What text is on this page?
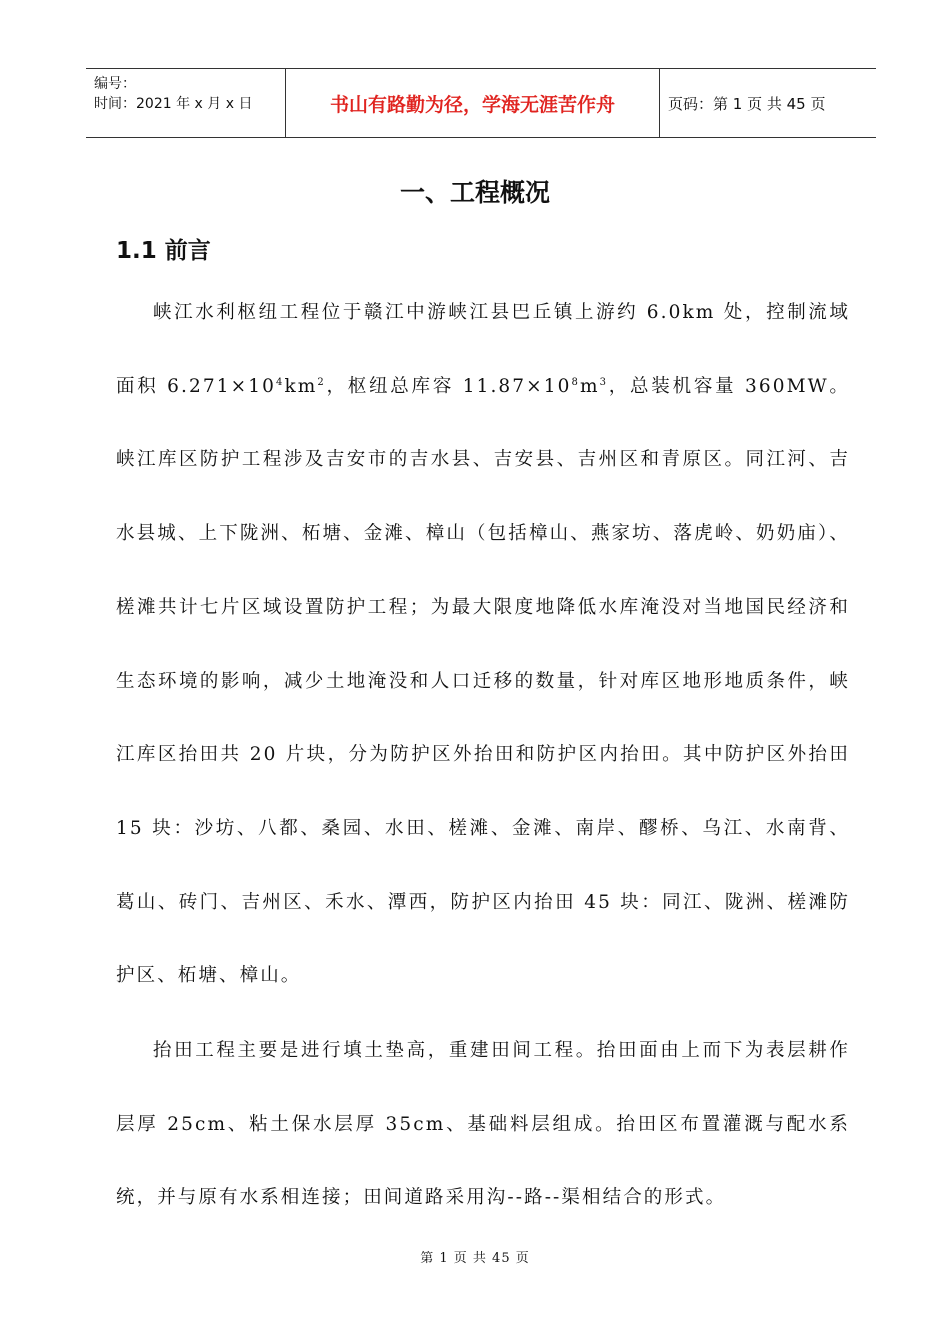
编号：
时间：2021 年 x 月 x 日	书山有路勤为径，学海无涯苦作舟	页码：第 1 页 共 45 页
一、工程概况
1.1 前言

峡江水利枢纽工程位于赣江中游峡江县巴丘镇上游约 6.0km 处，控制流域面积 $6.271\times 10^4km^2$，枢纽总库容 $11.87\times 10^8m^3$，总装机容量 360MW。峡江库区防护工程涉及吉安市的吉水县、吉安县、吉州区和青原区。同江河、吉水县城、上下陇洲、柘塘、金滩、樟山（包括樟山、燕家坊、落虎岭、奶奶庙）、槎滩共计七片区域设置防护工程；为最大限度地降低水库淹没对当地国民经济和生态环境的影响，减少土地淹没和人口迁移的数量，针对库区地形地质条件，峡江库区抬田共 20 片块，分为防护区外抬田和防护区内抬田。其中防护区外抬田 15 块：沙坊、八都、桑园、水田、槎滩、金滩、南岸、醪桥、乌江、水南背、葛山、砖门、吉州区、禾水、潭西，防护区内抬田 45 块：同江、陇洲、槎滩防护区、柘塘、樟山。

抬田工程主要是进行填土垫高，重建田间工程。抬田面由上而下为表层耕作层厚 25cm、粘土保水层厚 35cm、基础料层组成。抬田区布置灌溉与配水系统，并与原有水系相连接；田间道路采用沟--路--渠相结合的形式。

第 1 页 共 45 页
